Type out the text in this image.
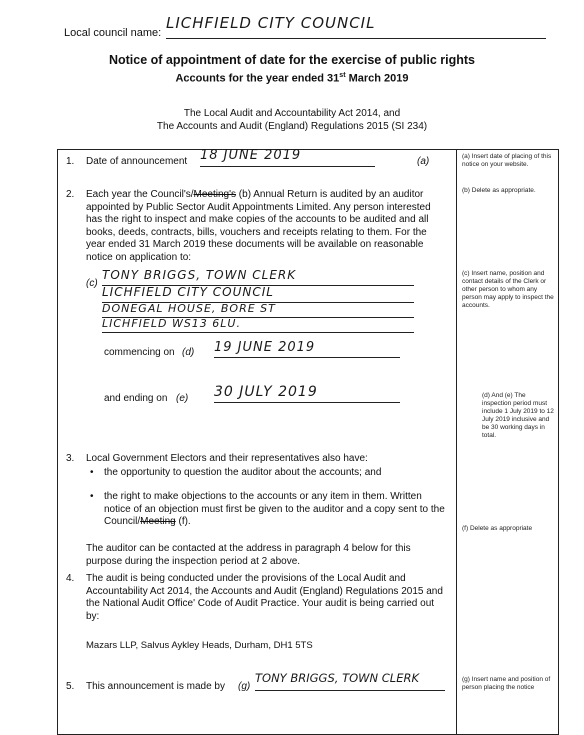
Local council name:
LICHFIELD CITY COUNCIL
Notice of appointment of date for the exercise of public rights
Accounts for the year ended 31st March 2019
The Local Audit and Accountability Act 2014, and
The Accounts and Audit (England) Regulations 2015 (SI 234)
1. Date of announcement 18 JUNE 2019	(a)	(a) Insert date of placing of this notice on your website.
2. Each year the Council's/Meeting's (b) Annual Return is audited by an auditor appointed by Public Sector Audit Appointments Limited. Any person interested has the right to inspect and make copies of the accounts to be audited and all books, deeds, contracts, bills, vouchers and receipts relating to them. For the year ended 31 March 2019 these documents will be available on reasonable notice on application to:
(b) Delete as appropriate.
(c)
TONY BRIGGS, TOWN CLERK
LICHFIELD CITY COUNCIL
DONEGAL HOUSE, BORE ST
LICHFIELD WS13 6LU.
(c) Insert name, position and contact details of the Clerk or other person to whom any person may apply to inspect the accounts.
commencing on (d) 19 JUNE 2019
and ending on (e) 30 JULY 2019	(d) And (e) The inspection period must include 1 July 2019 to 12 July 2019 inclusive and be 30 working days in total.
3. Local Government Electors and their representatives also have:
• the opportunity to question the auditor about the accounts; and
• the right to make objections to the accounts or any item in them. Written notice of an objection must first be given to the auditor and a copy sent to the Council/Meeting (f).
(f) Delete as appropriate
The auditor can be contacted at the address in paragraph 4 below for this purpose during the inspection period at 2 above.
4. The audit is being conducted under the provisions of the Local Audit and Accountability Act 2014, the Accounts and Audit (England) Regulations 2015 and the National Audit Office' Code of Audit Practice. Your audit is being carried out by:
Mazars LLP, Salvus Aykley Heads, Durham, DH1 5TS
5. This announcement is made by (g)
TONY BRIGGS, TOWN CLERK	(g) Insert name and position of person placing the notice
